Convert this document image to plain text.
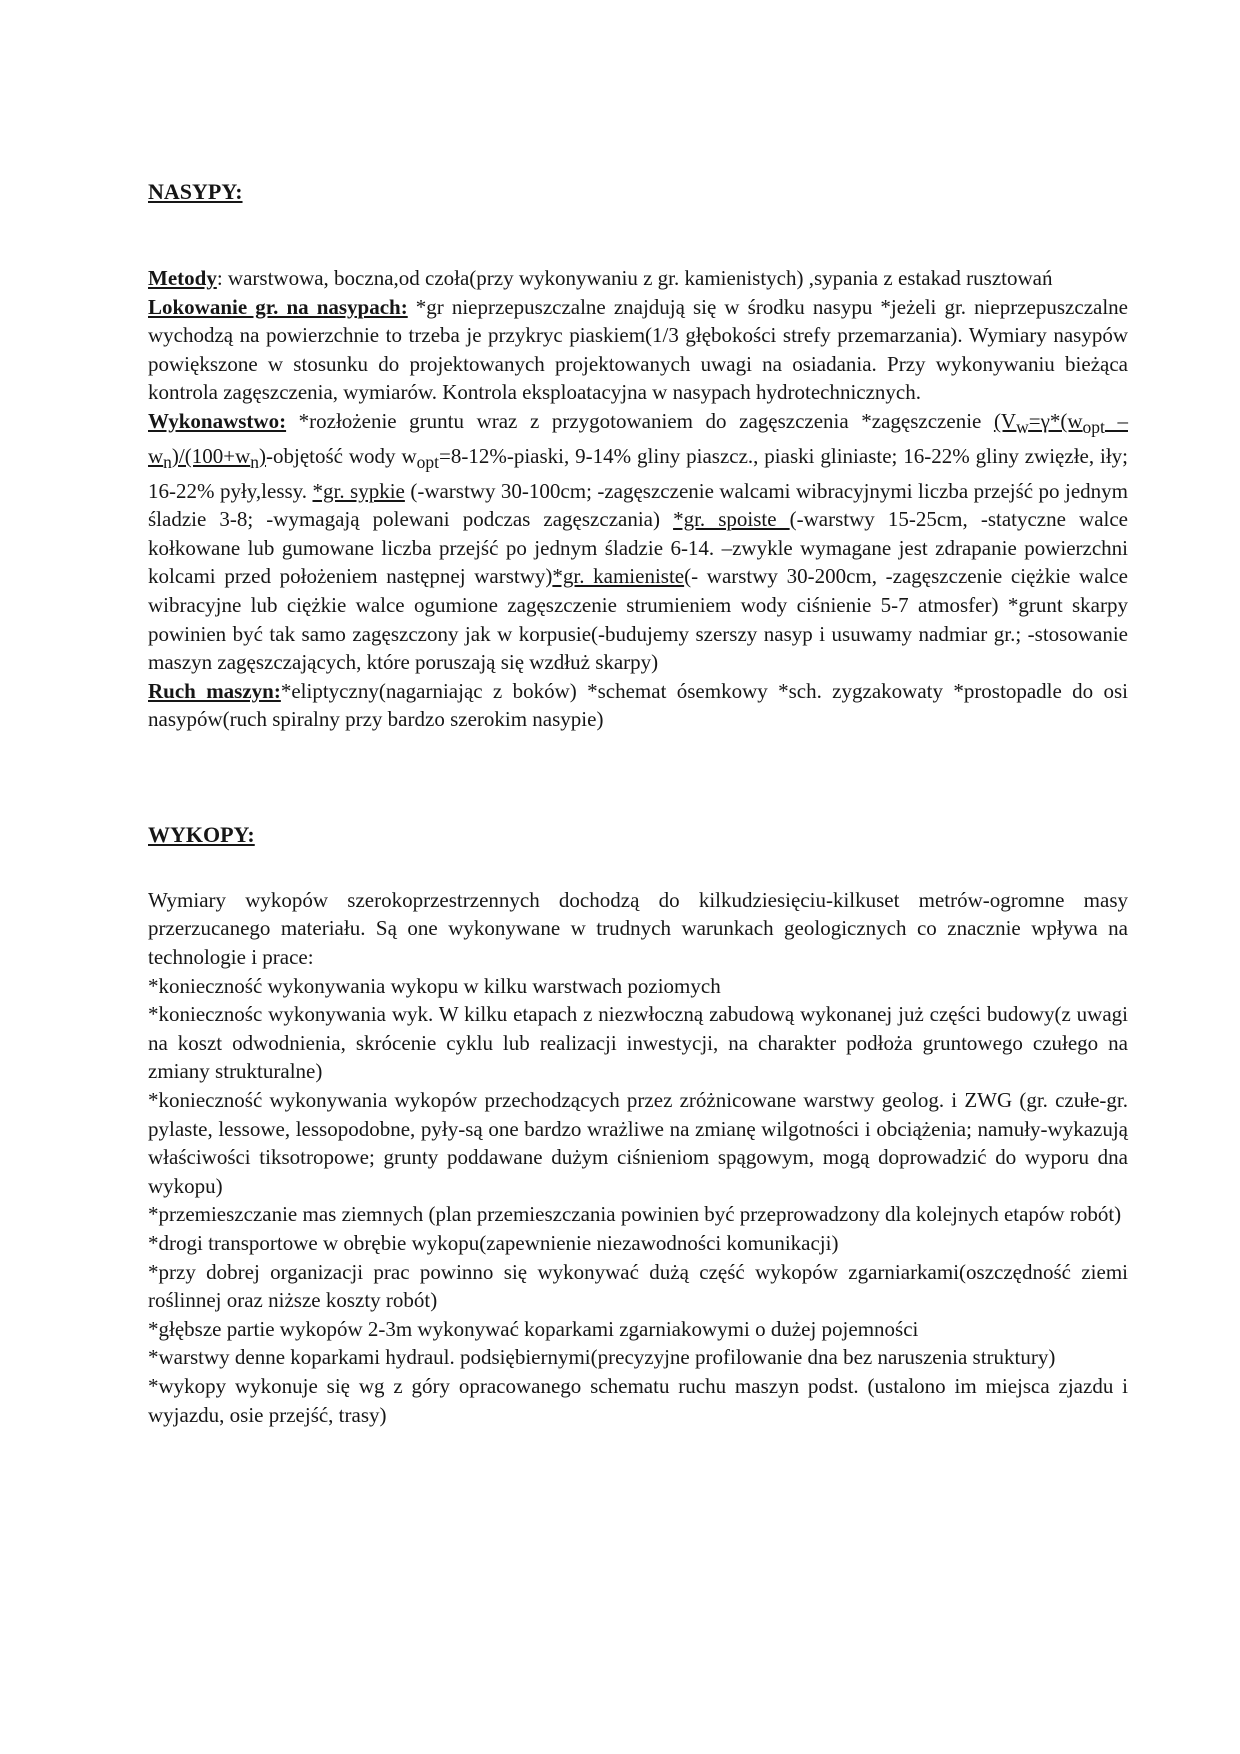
NASYPY:

Metody: warstwowa, boczna,od czoła(przy wykonywaniu z gr. kamienistych) ,sypania z estakad rusztowań

Lokowanie gr. na nasypach: *gr nieprzepuszczalne znajdują się w środku nasypu *jeżeli gr. nieprzepuszczalne wychodzą na powierzchnie to trzeba je przykryc piaskiem(1/3 głębokości strefy przemarzania). Wymiary nasypów powiększone w stosunku do projektowanych projektowanych uwagi na osiadania. Przy wykonywaniu bieżąca kontrola zagęszczenia, wymiarów. Kontrola eksploatacyjna w nasypach hydrotechnicznych.

Wykonawstwo: *rozłożenie gruntu wraz z przygotowaniem do zagęszczenia *zagęszczenie ($V_w=\gamma*(w_{opt}$ $-w_n)/(100+w_n)$-objętość wody $w_{opt}=8-12\%$-piaski, 9-14% gliny piaszcz., piaski gliniaste; 16-22% gliny zwięzłe, iły; 16-22% pyły,lessy. *gr. sypkie (-warstwy 30-100cm; -zagęszczenie walcami wibracyjnymi liczba przejść po jednym śladzie 3-8; -wymagają polewani podczas zagęszczania) *gr. spoiste (-warstwy 15-25cm, -statyczne walce kołkowane lub gumowane liczba przejść po jednym śladzie 6-14. –zwykle wymagane jest zdrapanie powierzchni kolcami przed położeniem następnej warstwy)*gr. kamieniste(- warstwy 30-200cm, -zagęszczenie ciężkie walce wibracyjne lub ciężkie walce ogumione zagęszczenie strumieniem wody ciśnienie 5-7 atmosfer) *grunt skarpy powinien być tak samo zagęszczony jak w korpusie(-budujemy szerszy nasyp i usuwamy nadmiar gr.; -stosowanie maszyn zagęszczających, które poruszają się wzdłuż skarpy)

Ruch maszyn:*eliptyczny(nagarniając z boków) *schemat ósemkowy *sch. zygzakowaty *prostopadle do osi nasypów(ruch spiralny przy bardzo szerokim nasypie)

WYKOPY:

Wymiary wykopów szerokoprzestrzennych dochodzą do kilkudziesięciu-kilkuset metrów-ogromne masy przerzucanego materiału. Są one wykonywane w trudnych warunkach geologicznych co znacznie wpływa na technologie i prace:

*konieczność wykonywania wykopu w kilku warstwach poziomych

*koniecznośc wykonywania wyk. W kilku etapach z niezwłoczną zabudową wykonanej już części budowy(z uwagi na koszt odwodnienia, skrócenie cyklu lub realizacji inwestycji, na charakter podłoża gruntowego czułego na zmiany strukturalne)

*konieczność wykonywania wykopów przechodzących przez zróżnicowane warstwy geolog. i ZWG (gr. czułe-gr. pylaste, lessowe, lessopodobne, pyły-są one bardzo wrażliwe na zmianę wilgotności i obciążenia; namuły-wykazują właściwości tiksotropowe; grunty poddawane dużym ciśnieniom spągowym, mogą doprowadzić do wyporu dna wykopu)

*przemieszczanie mas ziemnych (plan przemieszczania powinien być przeprowadzony dla kolejnych etapów robót)

*drogi transportowe w obrębie wykopu(zapewnienie niezawodności komunikacji)

*przy dobrej organizacji prac powinno się wykonywać dużą część wykopów zgarniarkami(oszczędność ziemi roślinnej oraz niższe koszty robót)

*głębsze partie wykopów 2-3m wykonywać koparkami zgarniakowymi o dużej pojemności

*warstwy denne koparkami hydraul. podsiębiernymi(precyzyjne profilowanie dna bez naruszenia struktury)

*wykopy wykonuje się wg z góry opracowanego schematu ruchu maszyn podst. (ustalono im miejsca zjazdu i wyjazdu, osie przejść, trasy)
